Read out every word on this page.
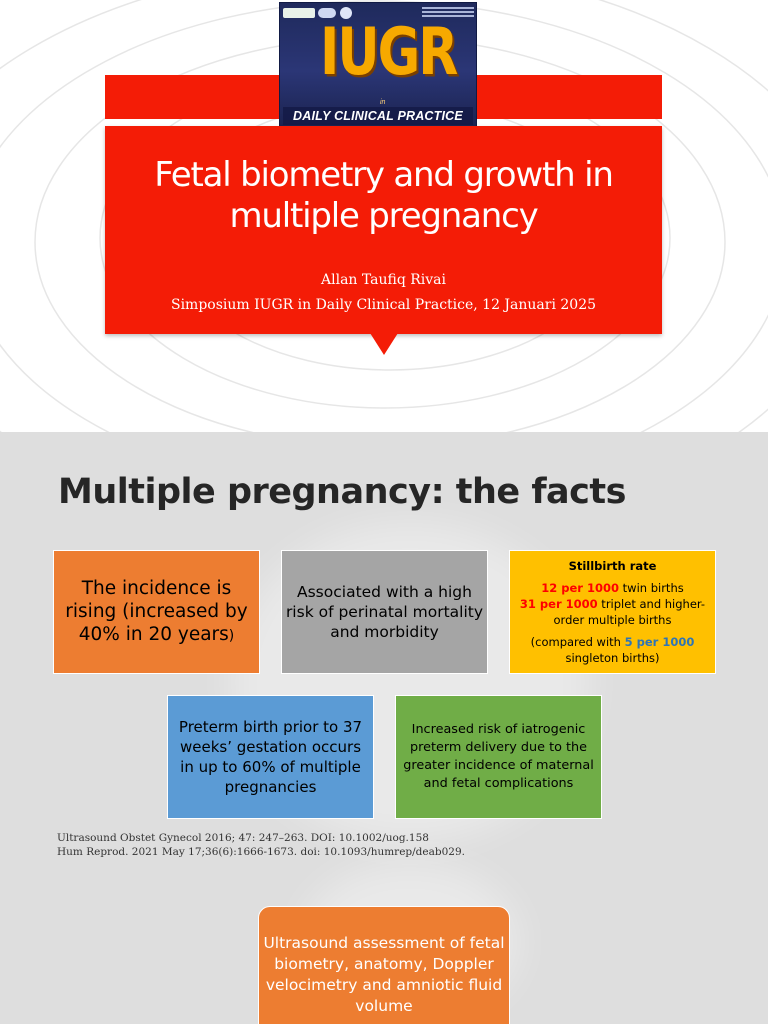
IUGR
in
DAILY CLINICAL PRACTICE
Fetal biometry and growth in multiple pregnancy
Allan Taufiq Rivai
Simposium IUGR in Daily Clinical Practice, 12 Januari 2025
Multiple pregnancy: the facts
The incidence is rising (increased by 40% in 20 years)
Associated with a high risk of perinatal mortality and morbidity
Stillbirth rate
12 per 1000 twin births
31 per 1000 triplet and higher-order multiple births
(compared with 5 per 1000 singleton births)
Preterm birth prior to 37 weeks’ gestation occurs in up to 60% of multiple pregnancies
Increased risk of iatrogenic preterm delivery due to the greater incidence of maternal and fetal complications
Ultrasound Obstet Gynecol 2016; 47: 247–263. DOI: 10.1002/uog.158
Hum Reprod. 2021 May 17;36(6):1666-1673. doi: 10.1093/humrep/deab029.
Ultrasound assessment of fetal biometry, anatomy, Doppler velocimetry and amniotic fluid volume
